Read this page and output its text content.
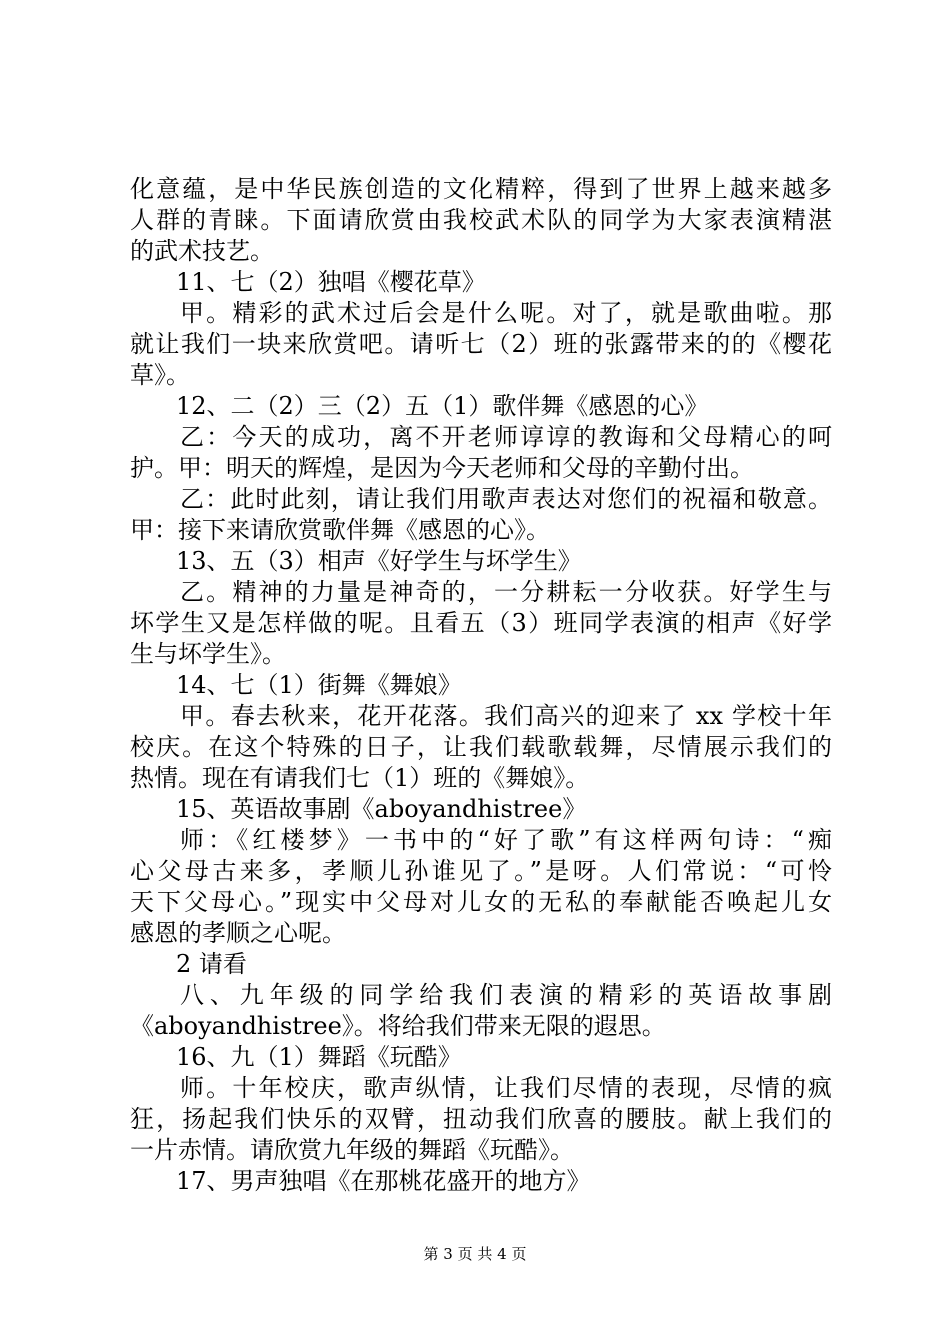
化意蕴，是中华民族创造的文化精粹，得到了世界上越来越多
人群的青睐。下面请欣赏由我校武术队的同学为大家表演精湛
的武术技艺。
11、七（2）独唱《樱花草》
甲。精彩的武术过后会是什么呢。对了，就是歌曲啦。那
就让我们一块来欣赏吧。请听七（2）班的张露带来的的《樱花
草》。
12、二（2）三（2）五（1）歌伴舞《感恩的心》
乙：今天的成功，离不开老师谆谆的教诲和父母精心的呵
护。甲：明天的辉煌，是因为今天老师和父母的辛勤付出。
乙：此时此刻，请让我们用歌声表达对您们的祝福和敬意。
甲：接下来请欣赏歌伴舞《感恩的心》。
13、五（3）相声《好学生与坏学生》
乙。精神的力量是神奇的，一分耕耘一分收获。好学生与
坏学生又是怎样做的呢。且看五（3）班同学表演的相声《好学
生与坏学生》。
14、七（1）街舞《舞娘》
甲。春去秋来，花开花落。我们高兴的迎来了 xx 学校十年
校庆。在这个特殊的日子，让我们载歌载舞，尽情展示我们的
热情。现在有请我们七（1）班的《舞娘》。
15、英语故事剧《aboyandhistree》
师：《红楼梦》一书中的“好了歌”有这样两句诗：“痴
心父母古来多，孝顺儿孙谁见了。”是呀。人们常说：“可怜
天下父母心。”现实中父母对儿女的无私的奉献能否唤起儿女
感恩的孝顺之心呢。
2 请看
八、九年级的同学给我们表演的精彩的英语故事剧
《aboyandhistree》。将给我们带来无限的遐思。
16、九（1）舞蹈《玩酷》
师。十年校庆，歌声纵情，让我们尽情的表现，尽情的疯
狂，扬起我们快乐的双臂，扭动我们欣喜的腰肢。献上我们的
一片赤情。请欣赏九年级的舞蹈《玩酷》。
17、男声独唱《在那桃花盛开的地方》
第 3 页 共 4 页
